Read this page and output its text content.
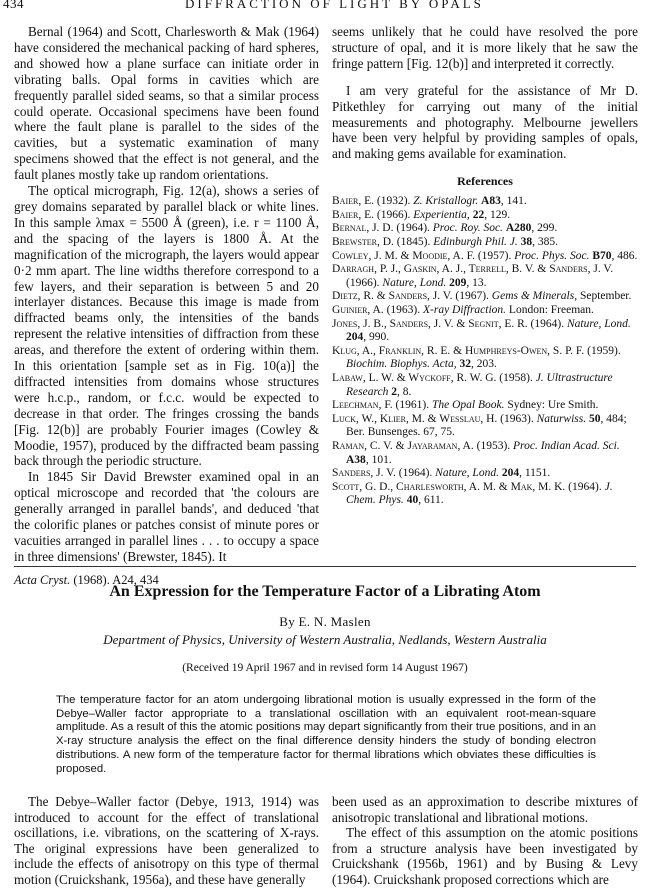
434	DIFFRACTION OF LIGHT BY OPALS

Bernal (1964) and Scott, Charlesworth & Mak (1964) have considered the mechanical packing of hard spheres, and showed how a plane surface can initiate order in vibrating balls. Opal forms in cavities which are frequently parallel sided seams, so that a similar process could operate. Occasional specimens have been found where the fault plane is parallel to the sides of the cavities, but a systematic examination of many specimens showed that the effect is not general, and the fault planes mostly take up random orientations.

The optical micrograph, Fig. 12(a), shows a series of grey domains separated by parallel black or white lines. In this sample λmax = 5500 Å (green), i.e. r = 1100 Å, and the spacing of the layers is 1800 Å. At the magnification of the micrograph, the layers would appear 0·2 mm apart. The line widths therefore correspond to a few layers, and their separation is between 5 and 20 interlayer distances. Because this image is made from diffracted beams only, the intensities of the bands represent the relative intensities of diffraction from these areas, and therefore the extent of ordering within them. In this orientation [sample set as in Fig. 10(a)] the diffracted intensities from domains whose structures were h.c.p., random, or f.c.c. would be expected to decrease in that order. The fringes crossing the bands [Fig. 12(b)] are probably Fourier images (Cowley & Moodie, 1957), produced by the diffracted beam passing back through the periodic structure.

In 1845 Sir David Brewster examined opal in an optical microscope and recorded that 'the colours are generally arranged in parallel bands', and deduced 'that the colorific planes or patches consist of minute pores or vacuities arranged in parallel lines . . . to occupy a space in three dimensions' (Brewster, 1845). It

seems unlikely that he could have resolved the pore structure of opal, and it is more likely that he saw the fringe pattern [Fig. 12(b)] and interpreted it correctly.

I am very grateful for the assistance of Mr D. Pitkethley for carrying out many of the initial measurements and photography. Melbourne jewellers have been very helpful by providing samples of opals, and making gems available for examination.

References

Baier, E. (1932). Z. Kristallogr. A83, 141.

Baier, E. (1966). Experientia, 22, 129.

Bernal, J. D. (1964). Proc. Roy. Soc. A280, 299.

Brewster, D. (1845). Edinburgh Phil. J. 38, 385.

Cowley, J. M. & Moodie, A. F. (1957). Proc. Phys. Soc. B70, 486.

Darragh, P. J., Gaskin, A. J., Terrell, B. V. & Sanders, J. V. (1966). Nature, Lond. 209, 13.

Dietz, R. & Sanders, J. V. (1967). Gems & Minerals, September.

Guinier, A. (1963). X-ray Diffraction. London: Freeman.

Jones, J. B., Sanders, J. V. & Segnit, E. R. (1964). Nature, Lond. 204, 990.

Klug, A., Franklin, R. E. & Humphreys-Owen, S. P. F. (1959). Biochim. Biophys. Acta, 32, 203.

Labaw, L. W. & Wyckoff, R. W. G. (1958). J. Ultrastructure Research 2, 8.

Leechman, F. (1961). The Opal Book. Sydney: Ure Smith.

Luck, W., Klier, M. & Wesslau, H. (1963). Naturwiss. 50, 484; Ber. Bunsenges. 67, 75.

Raman, C. V. & Jayaraman, A. (1953). Proc. Indian Acad. Sci. A38, 101.

Sanders, J. V. (1964). Nature, Lond. 204, 1151.

Scott, G. D., Charlesworth, A. M. & Mak, M. K. (1964). J. Chem. Phys. 40, 611.

Acta Cryst. (1968). A24, 434
An Expression for the Temperature Factor of a Librating Atom
By E. N. Maslen
Department of Physics, University of Western Australia, Nedlands, Western Australia
(Received 19 April 1967 and in revised form 14 August 1967)

The temperature factor for an atom undergoing librational motion is usually expressed in the form of the Debye–Waller factor appropriate to a translational oscillation with an equivalent root-mean-square amplitude. As a result of this the atomic positions may depart significantly from their true positions, and in an X-ray structure analysis the effect on the final difference density hinders the study of bonding electron distributions. A new form of the temperature factor for thermal librations which obviates these difficulties is proposed.

The Debye–Waller factor (Debye, 1913, 1914) was introduced to account for the effect of translational oscillations, i.e. vibrations, on the scattering of X-rays. The original expressions have been generalized to include the effects of anisotropy on this type of thermal motion (Cruickshank, 1956a), and these have generally

been used as an approximation to describe mixtures of anisotropic translational and librational motions.

The effect of this assumption on the atomic positions from a structure analysis have been investigated by Cruickshank (1956b, 1961) and by Busing & Levy (1964). Cruickshank proposed corrections which are
